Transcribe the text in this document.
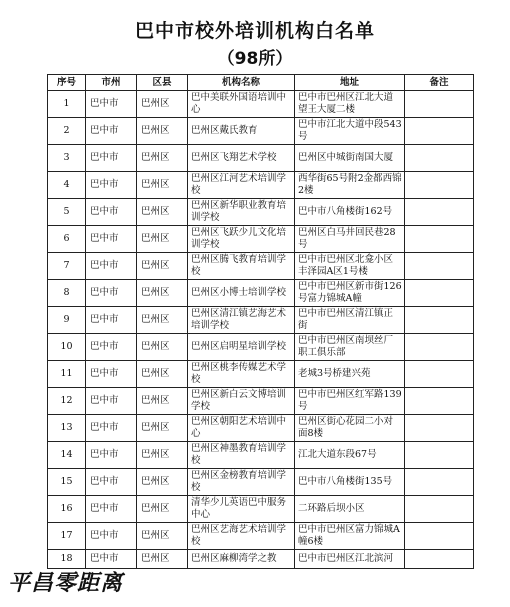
巴中市校外培训机构白名单
（98所）
序号	市州	区县	机构名称	地址	备注
1	巴中市	巴州区	巴中美联外国语培训中心	巴中市巴州区江北大道望王大厦二楼	
2	巴中市	巴州区	巴州区戴氏教育	巴中市江北大道中段543号	
3	巴中市	巴州区	巴州区飞翔艺术学校	巴州区中城街南国大厦	
4	巴中市	巴州区	巴州区江河艺术培训学校	西华街65号附2金都西锦2楼	
5	巴中市	巴州区	巴州区新华职业教育培训学校	巴中市八角楼街162号	
6	巴中市	巴州区	巴州区飞跃少儿文化培训学校	巴州区白马井回民巷28号	
7	巴中市	巴州区	巴州区腾飞教育培训学校	巴中市巴州区北龛小区丰泽园A区1号楼	
8	巴中市	巴州区	巴州区小博士培训学校	巴中市巴州区新市街126号富力锦城A幢	
9	巴中市	巴州区	巴州区清江镇艺海艺术培训学校	巴中市巴州区清江镇正街	
10	巴中市	巴州区	巴州区启明星培训学校	巴中市巴州区南坝丝厂职工俱乐部	
11	巴中市	巴州区	巴州区桃李传媒艺术学校	老城3号桥建兴苑	
12	巴中市	巴州区	巴州区新白云文博培训学校	巴中市巴州区红军路139号	
13	巴中市	巴州区	巴州区朝阳艺术培训中心	巴州区街心花园二小对面8楼	
14	巴中市	巴州区	巴州区神墨教育培训学校	江北大道东段67号	
15	巴中市	巴州区	巴州区金榜教育培训学校	巴中市八角楼街135号	
16	巴中市	巴州区	清华少儿英语巴中服务中心	二环路后坝小区	
17	巴中市	巴州区	巴州区艺海艺术培训学校	巴中市巴州区富力锦城A幢6楼	
18	巴中市	巴州区	巴州区麻柳湾学之教	巴中市巴州区江北滨河	
平昌零距离
